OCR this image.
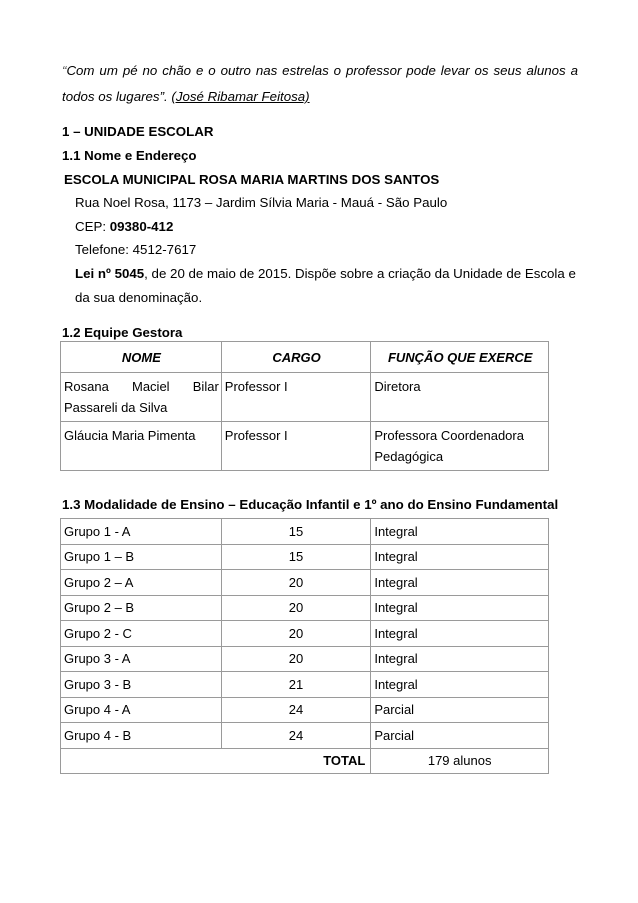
“Com um pé no chão e o outro nas estrelas o professor pode levar os seus alunos a todos os lugares”. (José Ribamar Feitosa)
1 – UNIDADE ESCOLAR
1.1 Nome e Endereço
ESCOLA MUNICIPAL ROSA MARIA MARTINS DOS SANTOS
Rua Noel Rosa, 1173 – Jardim Sílvia Maria - Mauá - São Paulo
CEP: 09380-412
Telefone: 4512-7617
Lei nº 5045, de 20 de maio de 2015. Dispõe sobre a criação da Unidade de Escola e
da sua denominação.
1.2 Equipe Gestora
NOME	CARGO	FUNÇÃO QUE EXERCE

Rosana Maciel Bilar
Passareli da Silva	Professor I	Diretora
Gláucia Maria Pimenta	Professor I	Professora Coordenadora
Pedagógica
1.3 Modalidade de Ensino – Educação Infantil e 1º ano do Ensino Fundamental
Grupo 1 - A	15	Integral
Grupo 1 – B	15	Integral
Grupo 2 – A	20	Integral
Grupo 2 – B	20	Integral
Grupo 2 - C	20	Integral
Grupo 3 - A	20	Integral
Grupo 3 - B	21	Integral
Grupo 4 - A	24	Parcial
Grupo 4 - B	24	Parcial
TOTAL		179 alunos
